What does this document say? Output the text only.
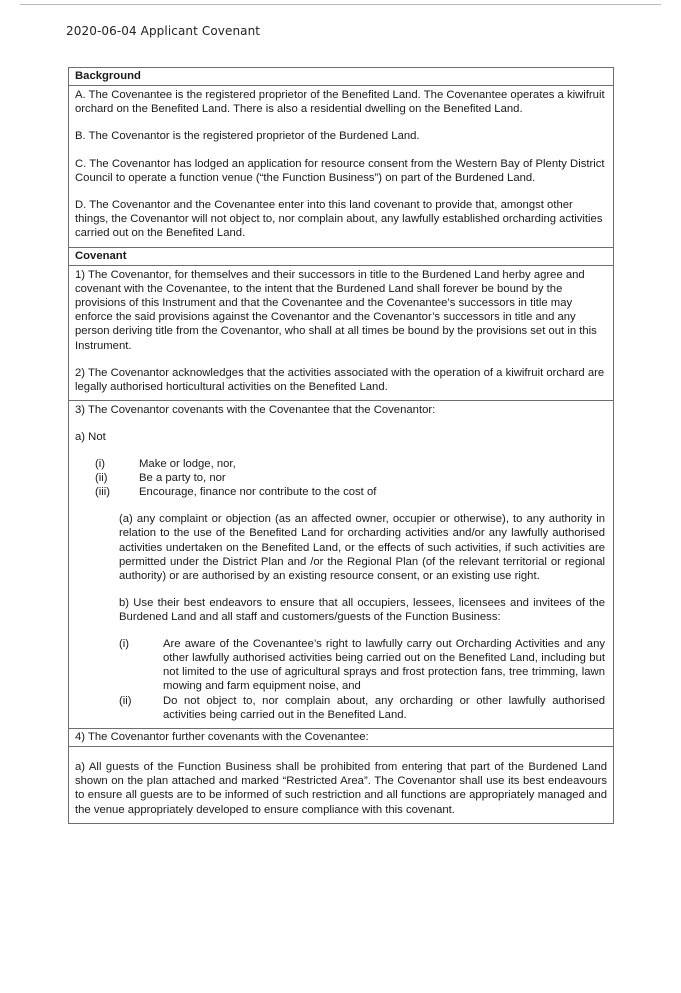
2020-06-04 Applicant Covenant
Background

A. The Covenantee is the registered proprietor of the Benefited Land. The Covenantee operates a kiwifruit orchard on the Benefited Land. There is also a residential dwelling on the Benefited Land.

B. The Covenantor is the registered proprietor of the Burdened Land.

C. The Covenantor has lodged an application for resource consent from the Western Bay of Plenty District Council to operate a function venue (“the Function Business”) on part of the Burdened Land.

D. The Covenantor and the Covenantee enter into this land covenant to provide that, amongst other things, the Covenantor will not object to, nor complain about, any lawfully established orcharding activities carried out on the Benefited Land.

Covenant

1) The Covenantor, for themselves and their successors in title to the Burdened Land herby agree and covenant with the Covenantee, to the intent that the Burdened Land shall forever be bound by the provisions of this Instrument and that the Covenantee and the Covenantee’s successors in title may enforce the said provisions against the Covenantor and the Covenantor’s successors in title and any person deriving title from the Covenantor, who shall at all times be bound by the provisions set out in this Instrument.

2) The Covenantor acknowledges that the activities associated with the operation of a kiwifruit orchard are legally authorised horticultural activities on the Benefited Land.

3) The Covenantor covenants with the Covenantee that the Covenantor:

a) Not

(i)	Make or lodge, nor,
(ii)	Be a party to, nor
(iii)	Encourage, finance nor contribute to the cost of

(a) any complaint or objection (as an affected owner, occupier or otherwise), to any authority in relation to the use of the Benefited Land for orcharding activities and/or any lawfully authorised activities undertaken on the Benefited Land, or the effects of such activities, if such activities are permitted under the District Plan and /or the Regional Plan (of the relevant territorial or regional authority) or are authorised by an existing resource consent, or an existing use right.

b) Use their best endeavors to ensure that all occupiers, lessees, licensees and invitees of the Burdened Land and all staff and customers/guests of the Function Business:

(i)	Are aware of the Covenantee’s right to lawfully carry out Orcharding Activities and any other lawfully authorised activities being carried out on the Benefited Land, including but not limited to the use of agricultural sprays and frost protection fans, tree trimming, lawn mowing and farm equipment noise, and
(ii)	Do not object to, nor complain about, any orcharding or other lawfully authorised activities being carried out in the Benefited Land.
4) The Covenantor further covenants with the Covenantee:

a) All guests of the Function Business shall be prohibited from entering that part of the Burdened Land shown on the plan attached and marked “Restricted Area”. The Covenantor shall use its best endeavours to ensure all guests are to be informed of such restriction and all functions are appropriately managed and the venue appropriately developed to ensure compliance with this covenant.
